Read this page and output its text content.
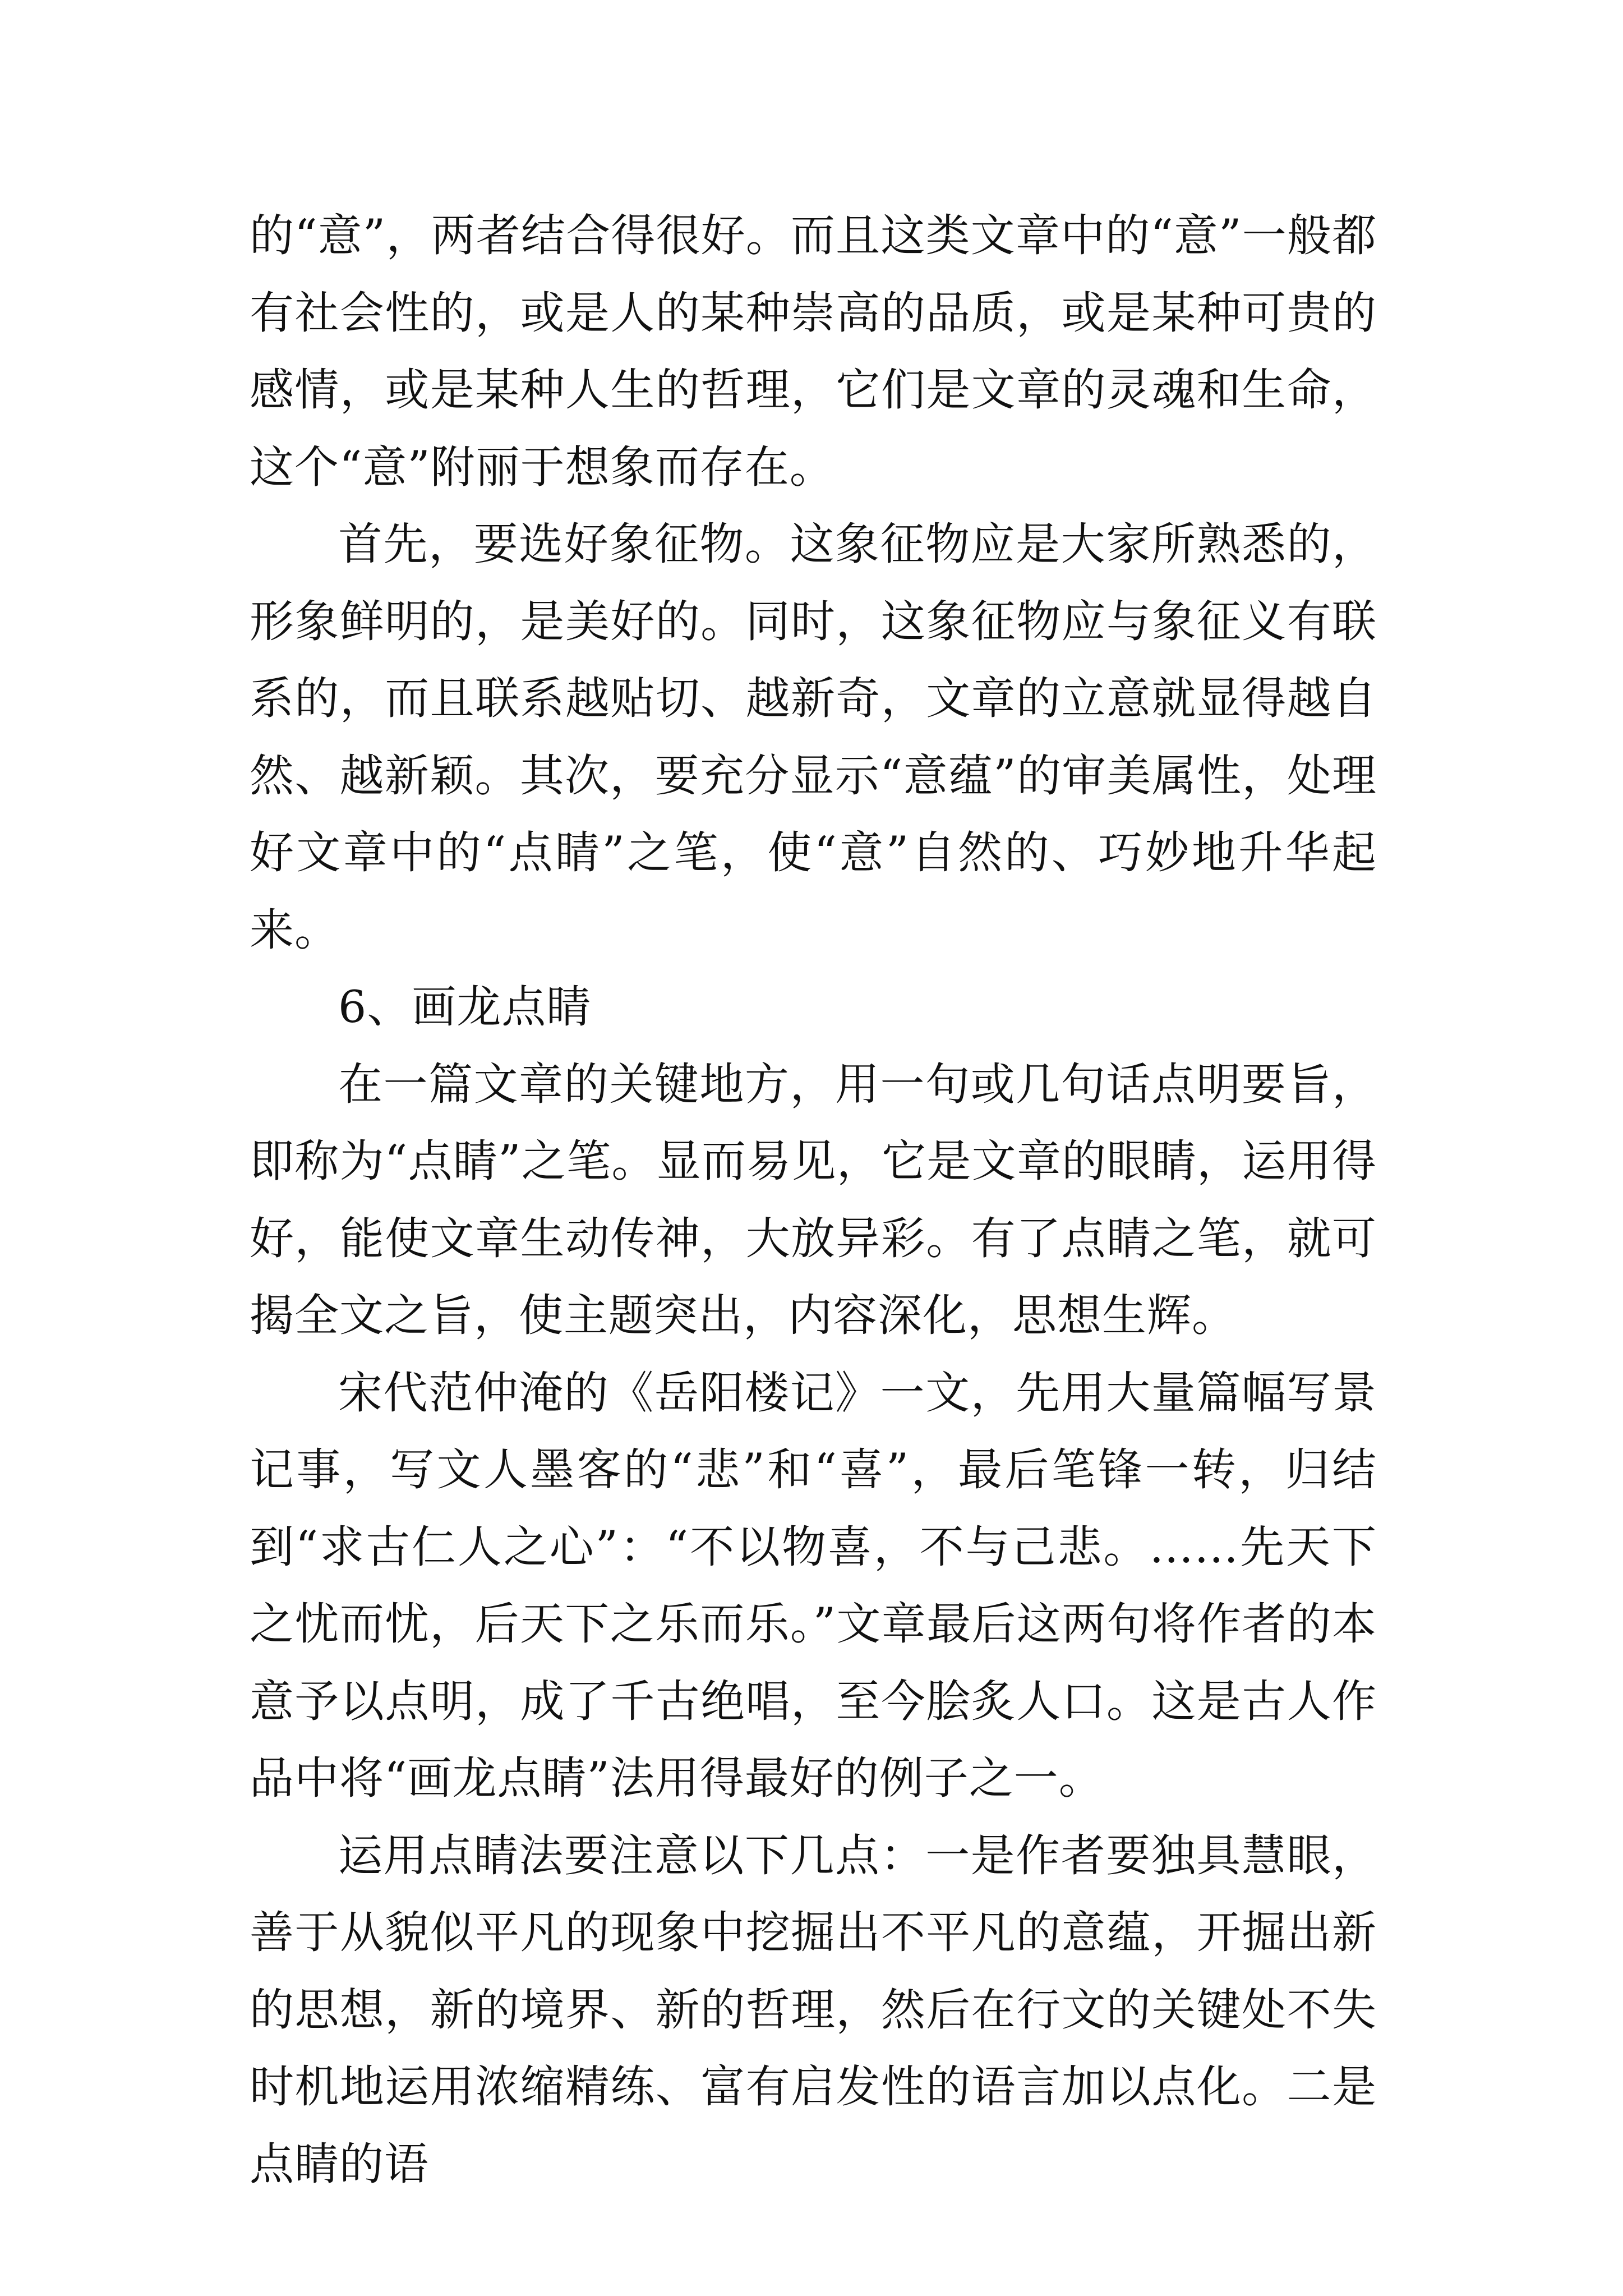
的“意”，两者结合得很好。而且这类文章中的“意”一般都有社会性的，或是人的某种崇高的品质，或是某种可贵的感情，或是某种人生的哲理，它们是文章的灵魂和生命，这个“意”附丽于想象而存在。

首先，要选好象征物。这象征物应是大家所熟悉的，形象鲜明的，是美好的。同时，这象征物应与象征义有联系的，而且联系越贴切、越新奇，文章的立意就显得越自然、越新颖。其次，要充分显示“意蕴”的审美属性，处理好文章中的“点睛”之笔，使“意”自然的、巧妙地升华起来。

6、画龙点睛

在一篇文章的关键地方，用一句或几句话点明要旨，即称为“点睛”之笔。显而易见，它是文章的眼睛，运用得好，能使文章生动传神，大放异彩。有了点睛之笔，就可揭全文之旨，使主题突出，内容深化，思想生辉。

宋代范仲淹的《岳阳楼记》一文，先用大量篇幅写景记事，写文人墨客的“悲”和“喜”，最后笔锋一转，归结到“求古仁人之心”：“不以物喜，不与己悲。……先天下之忧而忧，后天下之乐而乐。”文章最后这两句将作者的本意予以点明，成了千古绝唱，至今脍炙人口。这是古人作品中将“画龙点睛”法用得最好的例子之一。

运用点睛法要注意以下几点：一是作者要独具慧眼，善于从貌似平凡的现象中挖掘出不平凡的意蕴，开掘出新的思想，新的境界、新的哲理，然后在行文的关键处不失时机地运用浓缩精练、富有启发性的语言加以点化。二是点睛的语
